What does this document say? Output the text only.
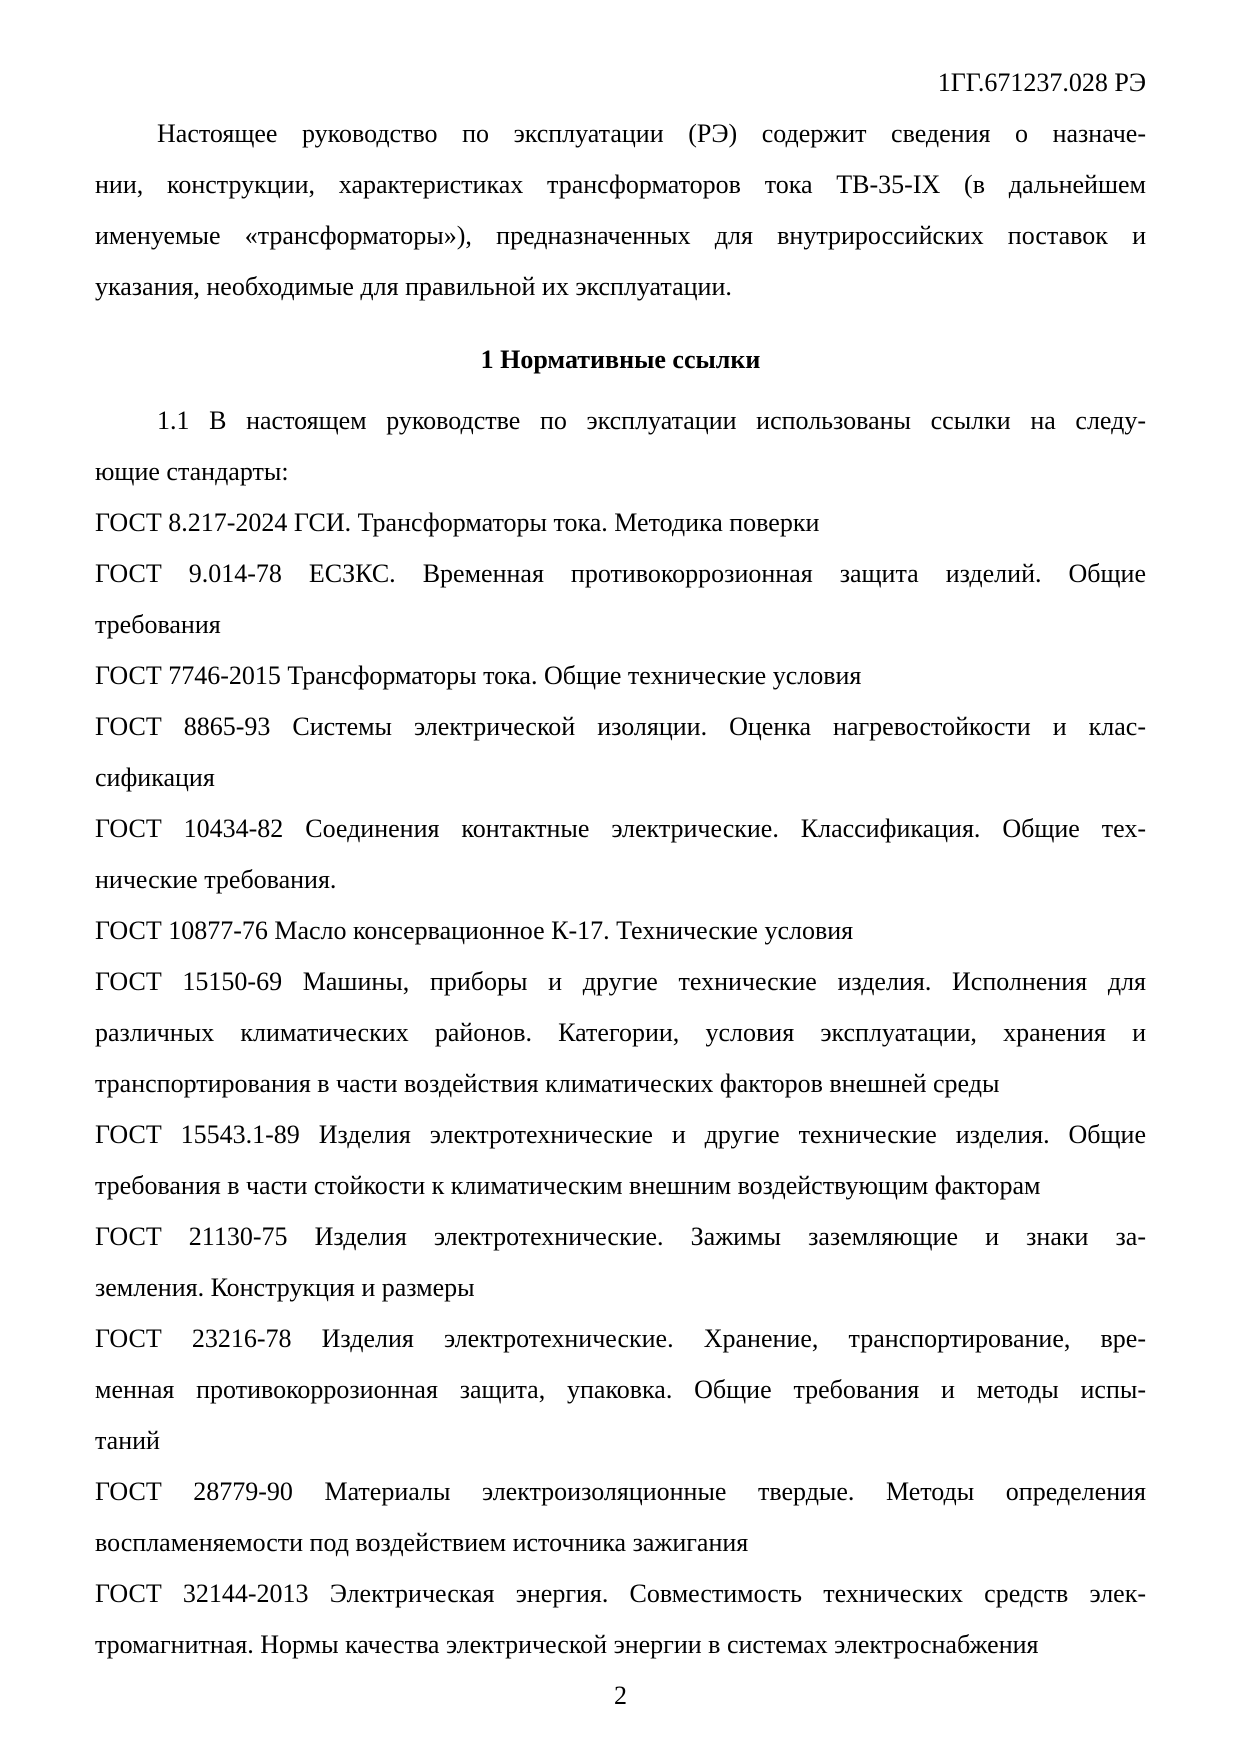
1ГГ.671237.028 РЭ
Настоящее руководство по эксплуатации (РЭ) содержит сведения о назначе-
нии, конструкции, характеристиках трансформаторов тока ТВ-35-IX (в дальнейшем
именуемые «трансформаторы»), предназначенных для внутрироссийских поставок и
указания, необходимые для правильной их эксплуатации.
1 Нормативные ссылки
1.1 В настоящем руководстве по эксплуатации использованы ссылки на следу-
ющие стандарты:
ГОСТ 8.217-2024 ГСИ. Трансформаторы тока. Методика поверки
ГОСТ 9.014-78 ЕСЗКС. Временная противокоррозионная защита изделий. Общие
требования
ГОСТ 7746-2015 Трансформаторы тока. Общие технические условия
ГОСТ 8865-93 Системы электрической изоляции. Оценка нагревостойкости и клас-
сификация
ГОСТ 10434-82 Соединения контактные электрические. Классификация. Общие тех-
нические требования.
ГОСТ 10877-76 Масло консервационное К-17. Технические условия
ГОСТ 15150-69 Машины, приборы и другие технические изделия. Исполнения для
различных климатических районов. Категории, условия эксплуатации, хранения и
транспортирования в части воздействия климатических факторов внешней среды
ГОСТ 15543.1-89 Изделия электротехнические и другие технические изделия. Общие
требования в части стойкости к климатическим внешним воздействующим факторам
ГОСТ 21130-75 Изделия электротехнические. Зажимы заземляющие и знаки за-
земления. Конструкция и размеры
ГОСТ 23216-78 Изделия электротехнические. Хранение, транспортирование, вре-
менная противокоррозионная защита, упаковка. Общие требования и методы испы-
таний
ГОСТ 28779-90 Материалы электроизоляционные твердые. Методы определения
воспламеняемости под воздействием источника зажигания
ГОСТ 32144-2013 Электрическая энергия. Совместимость технических средств элек-
тромагнитная. Нормы качества электрической энергии в системах электроснабжения
2
